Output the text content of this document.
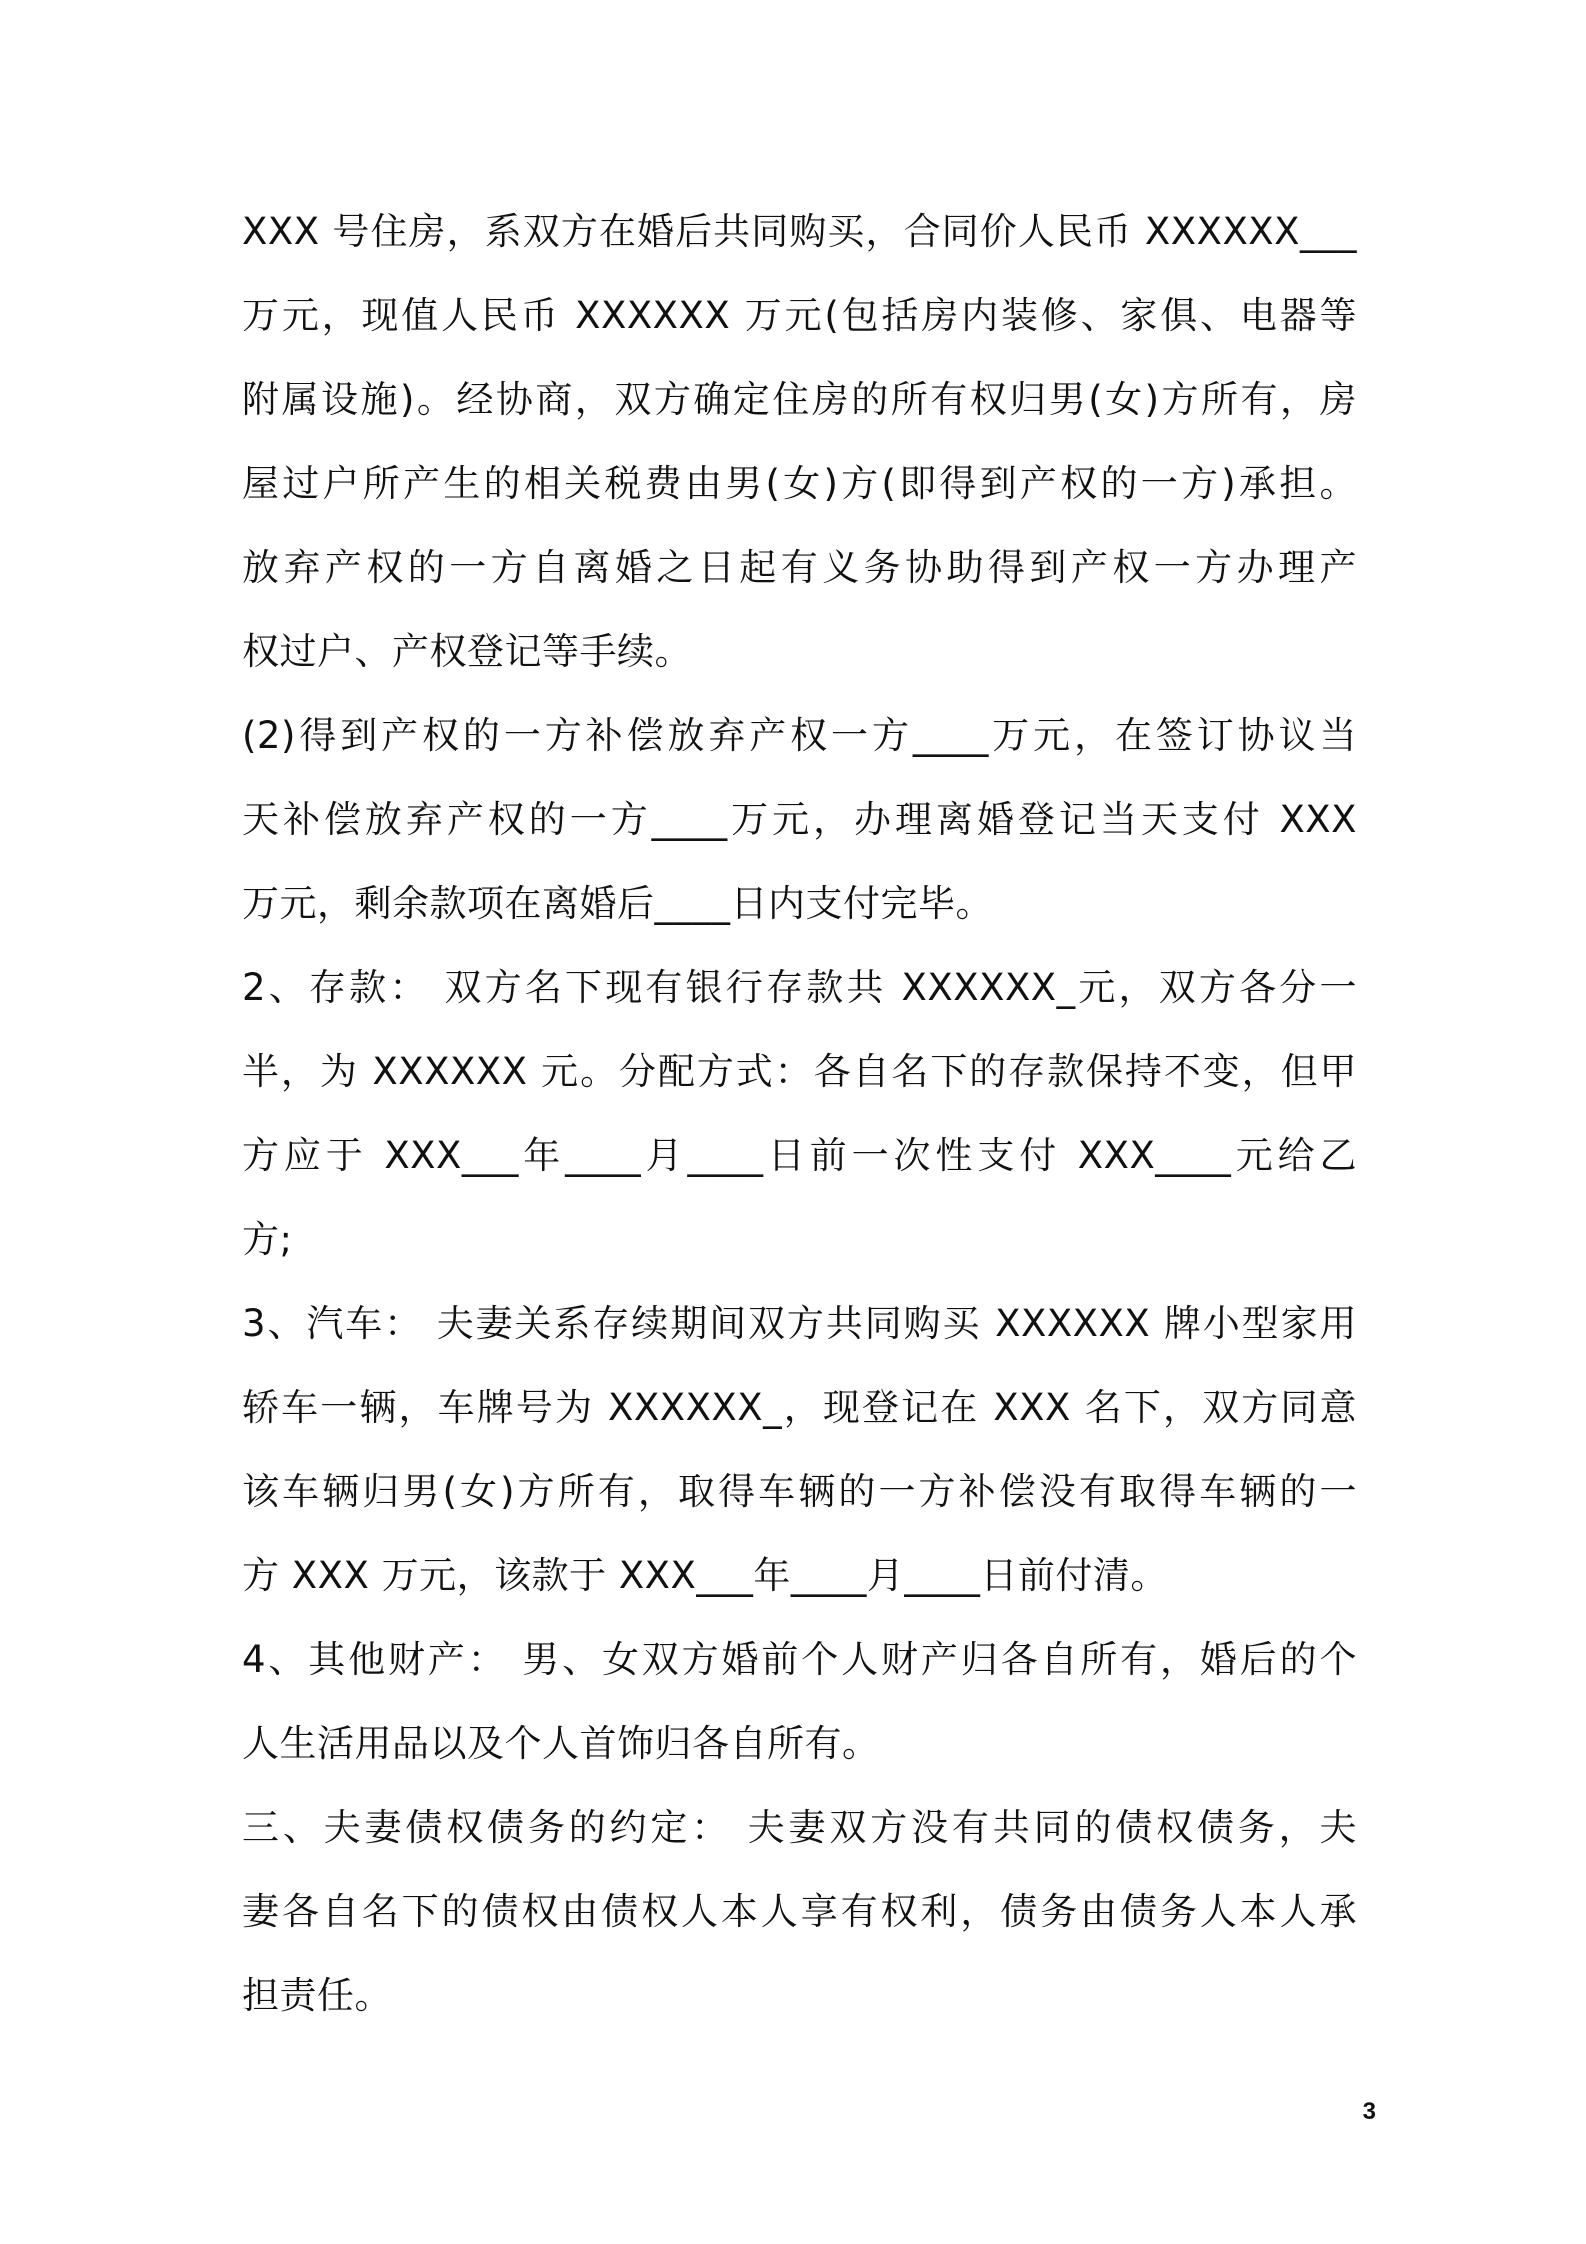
XXX 号住房，系双方在婚后共同购买，合同价人民币 XXXXXX___
万元，现值人民币 XXXXXX 万元(包括房内装修、家俱、电器等
附属设施)。经协商，双方确定住房的所有权归男(女)方所有，房
屋过户所产生的相关税费由男(女)方(即得到产权的一方)承担。
放弃产权的一方自离婚之日起有义务协助得到产权一方办理产
权过户、产权登记等手续。
(2)得到产权的一方补偿放弃产权一方____万元，在签订协议当
天补偿放弃产权的一方____万元，办理离婚登记当天支付 XXX
万元，剩余款项在离婚后____日内支付完毕。
2、存款： 双方名下现有银行存款共 XXXXXX_元，双方各分一
半，为 XXXXXX 元。分配方式：各自名下的存款保持不变，但甲
方应于 XXX___年____月____日前一次性支付 XXX____元给乙
方;
3、汽车： 夫妻关系存续期间双方共同购买 XXXXXX 牌小型家用
轿车一辆，车牌号为 XXXXXX_，现登记在 XXX 名下，双方同意
该车辆归男(女)方所有，取得车辆的一方补偿没有取得车辆的一
方 XXX 万元，该款于 XXX___年____月____日前付清。
4、其他财产： 男、女双方婚前个人财产归各自所有，婚后的个
人生活用品以及个人首饰归各自所有。
三、夫妻债权债务的约定： 夫妻双方没有共同的债权债务，夫
妻各自名下的债权由债权人本人享有权利，债务由债务人本人承
担责任。
3
